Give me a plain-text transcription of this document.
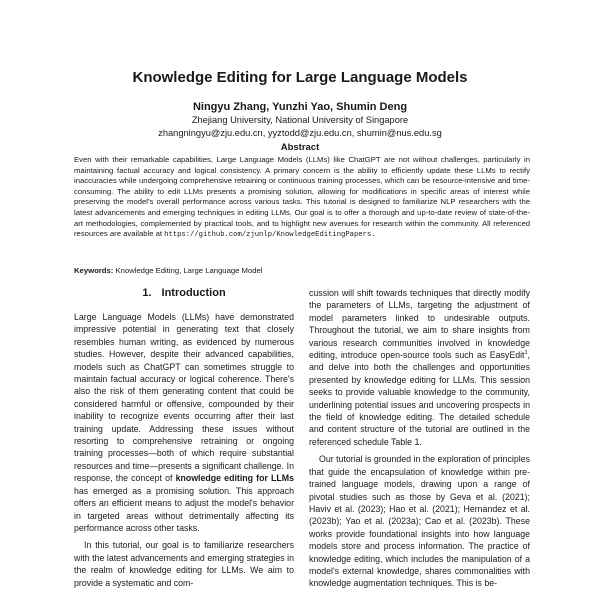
Knowledge Editing for Large Language Models
Ningyu Zhang, Yunzhi Yao, Shumin Deng
Zhejiang University, National University of Singapore
zhangningyu@zju.edu.cn, yyztodd@zju.edu.cn, shumin@nus.edu.sg
Abstract
Even with their remarkable capabilities, Large Language Models (LLMs) like ChatGPT are not without challenges, particularly in maintaining factual accuracy and logical consistency. A primary concern is the ability to efficiently update these LLMs to rectify inaccuracies while undergoing comprehensive retraining or continuous training processes, which can be resource-intensive and time-consuming. The ability to edit LLMs presents a promising solution, allowing for modifications in specific areas of interest while preserving the model's overall performance across various tasks. This tutorial is designed to familiarize NLP researchers with the latest advancements and emerging techniques in editing LLMs. Our goal is to offer a thorough and up-to-date review of state-of-the-art methodologies, complemented by practical tools, and to highlight new avenues for research within the community. All referenced resources are available at https://github.com/zjunlp/KnowledgeEditingPapers.
Keywords: Knowledge Editing, Large Language Model
1. Introduction

Large Language Models (LLMs) have demonstrated impressive potential in generating text that closely resembles human writing, as evidenced by numerous studies. However, despite their advanced capabilities, models such as ChatGPT can sometimes struggle to maintain factual accuracy or logical coherence. There's also the risk of them generating content that could be considered harmful or offensive, compounded by their inability to recognize events occurring after their last training update. Addressing these issues without resorting to comprehensive retraining or ongoing training processes—both of which require substantial resources and time—presents a significant challenge. In response, the concept of knowledge editing for LLMs has emerged as a promising solution. This approach offers an efficient means to adjust the model's behavior in targeted areas without detrimentally affecting its performance across other tasks.

In this tutorial, our goal is to familiarize researchers with the latest advancements and emerging strategies in the realm of knowledge editing for LLMs. We aim to provide a systematic and com-

cussion will shift towards techniques that directly modify the parameters of LLMs, targeting the adjustment of model parameters linked to undesirable outputs. Throughout the tutorial, we aim to share insights from various research communities involved in knowledge editing, introduce open-source tools such as EasyEdit$^1$, and delve into both the challenges and opportunities presented by knowledge editing for LLMs. This session seeks to provide valuable knowledge to the community, underlining potential issues and uncovering prospects in the field of knowledge editing. The detailed schedule and content structure of the tutorial are outlined in the referenced schedule Table 1.

Our tutorial is grounded in the exploration of principles that guide the encapsulation of knowledge within pre-trained language models, drawing upon a range of pivotal studies such as those by Geva et al. (2021); Haviv et al. (2023); Hao et al. (2021); Hernandez et al. (2023b); Yao et al. (2023a); Cao et al. (2023b). These works provide foundational insights into how language models store and process information. The practice of knowledge editing, which includes the manipulation of a model's external knowledge, shares commonalities with knowledge augmentation techniques. This is be-
